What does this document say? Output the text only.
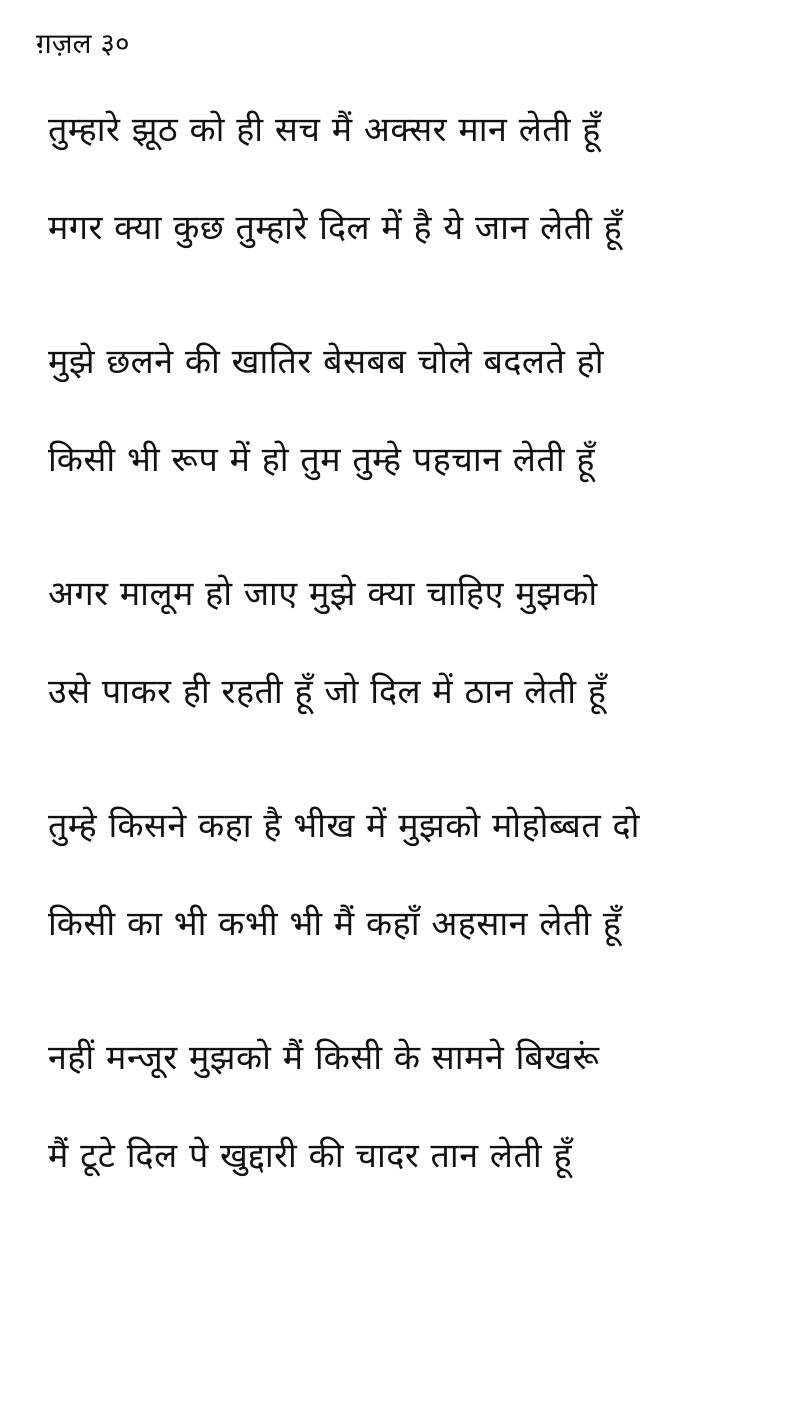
ग़ज़ल ३०
तुम्हारे झूठ को ही सच मैं अक्सर मान लेती हूँ
मगर क्या कुछ तुम्हारे दिल में है ये जान लेती हूँ
मुझे छलने की खातिर बेसबब चोले बदलते हो
किसी भी रूप में हो तुम तुम्हे पहचान लेती हूँ
अगर मालूम हो जाए मुझे क्या चाहिए मुझको
उसे पाकर ही रहती हूँ जो दिल में ठान लेती हूँ
तुम्हे किसने कहा है भीख में मुझको मोहोब्बत दो
किसी का भी कभी भी मैं कहाँ अहसान लेती हूँ
नहीं मन्जूर मुझको मैं किसी के सामने बिखरूं
मैं टूटे दिल पे खुद्दारी की चादर तान लेती हूँ
